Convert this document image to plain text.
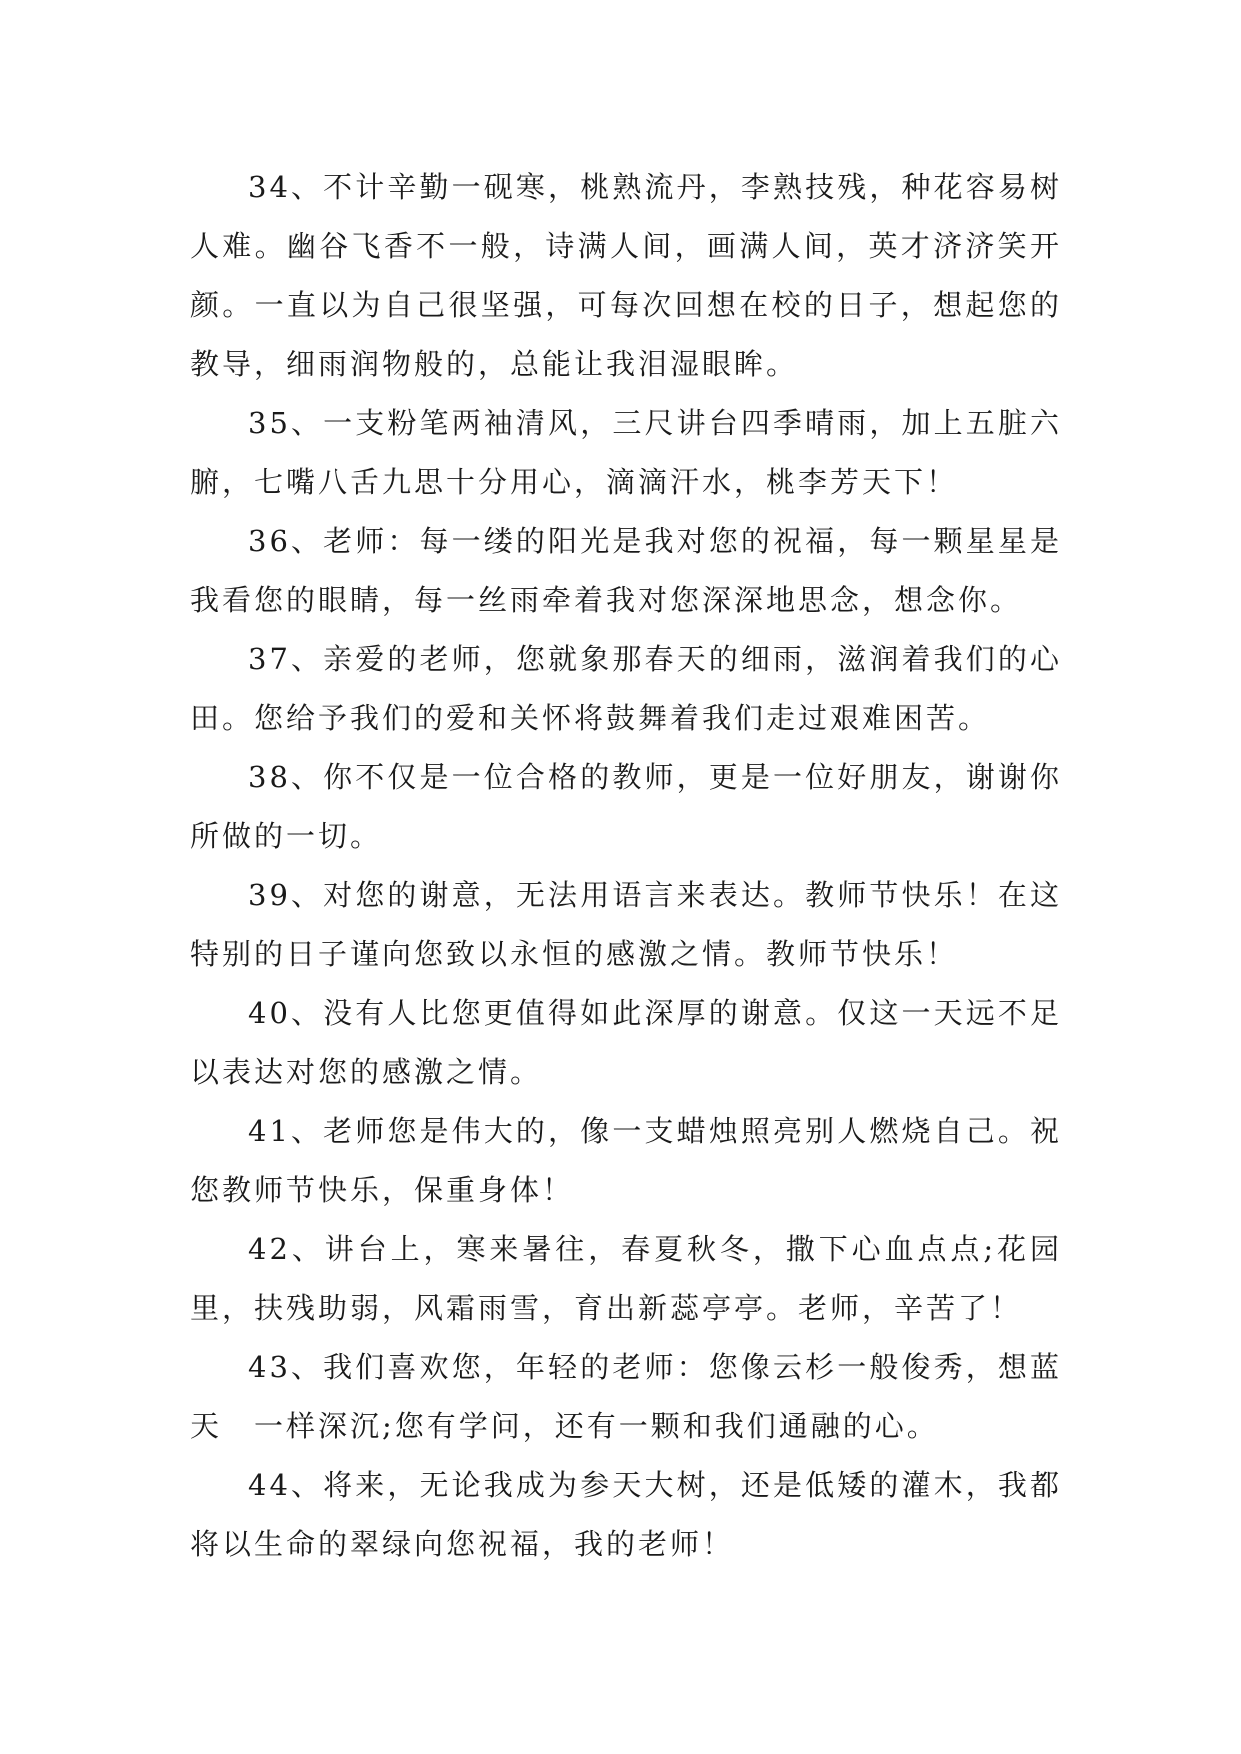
34、不计辛勤一砚寒，桃熟流丹，李熟技残，种花容易树人难。幽谷飞香不一般，诗满人间，画满人间，英才济济笑开颜。一直以为自己很坚强，可每次回想在校的日子，想起您的教导，细雨润物般的，总能让我泪湿眼眸。

35、一支粉笔两袖清风，三尺讲台四季晴雨，加上五脏六腑，七嘴八舌九思十分用心，滴滴汗水，桃李芳天下！

36、老师：每一缕的阳光是我对您的祝福，每一颗星星是我看您的眼睛，每一丝雨牵着我对您深深地思念，想念你。

37、亲爱的老师，您就象那春天的细雨，滋润着我们的心田。您给予我们的爱和关怀将鼓舞着我们走过艰难困苦。

38、你不仅是一位合格的教师，更是一位好朋友，谢谢你所做的一切。

39、对您的谢意，无法用语言来表达。教师节快乐！在这特别的日子谨向您致以永恒的感激之情。教师节快乐！

40、没有人比您更值得如此深厚的谢意。仅这一天远不足以表达对您的感激之情。

41、老师您是伟大的，像一支蜡烛照亮别人燃烧自己。祝您教师节快乐，保重身体！

42、讲台上，寒来暑往，春夏秋冬，撒下心血点点;花园里，扶残助弱，风霜雨雪，育出新蕊亭亭。老师，辛苦了！

43、我们喜欢您，年轻的老师：您像云杉一般俊秀，想蓝天　一样深沉;您有学问，还有一颗和我们通融的心。

44、将来，无论我成为参天大树，还是低矮的灌木，我都将以生命的翠绿向您祝福，我的老师！
